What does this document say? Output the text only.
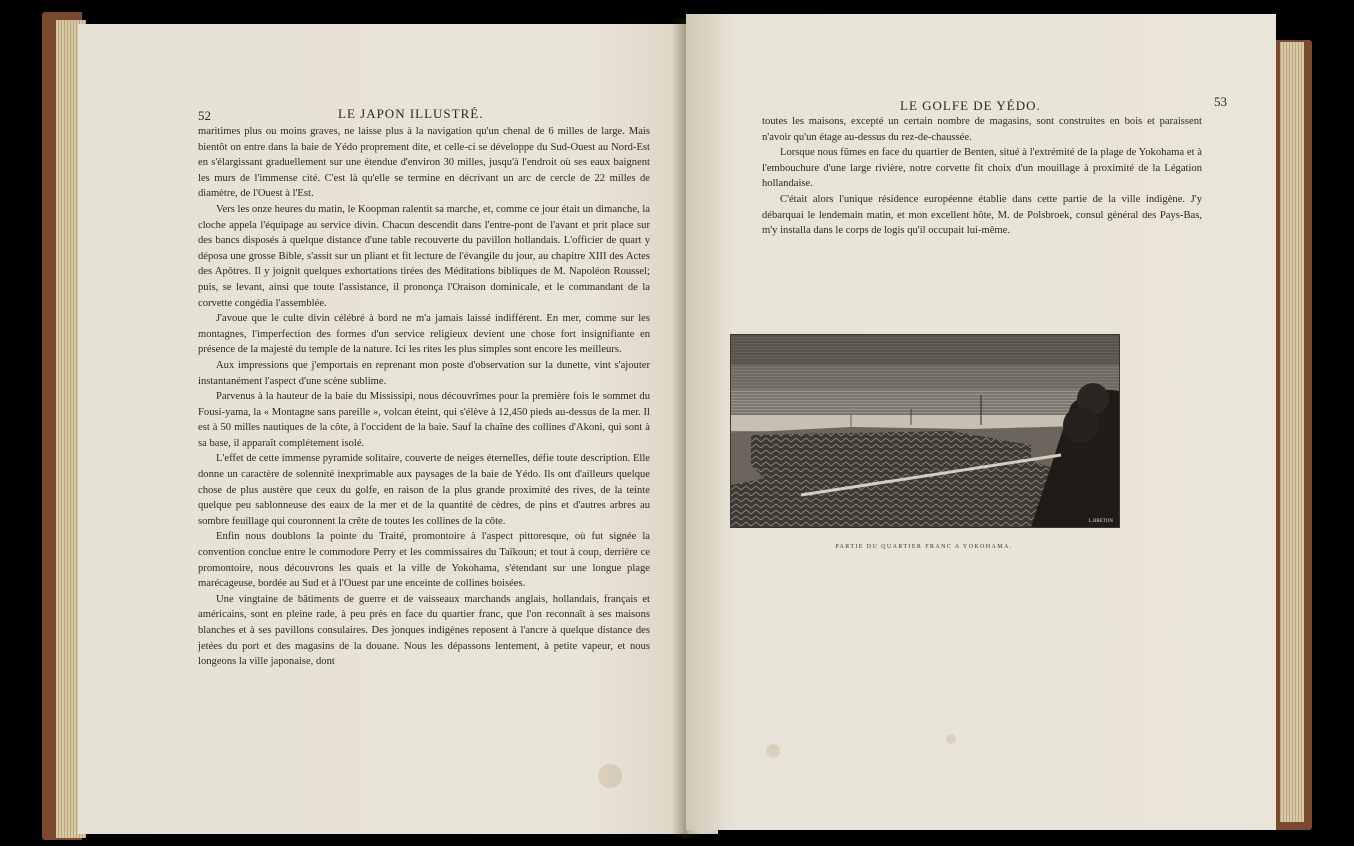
52	LE JAPON ILLUSTRÉ.

maritimes plus ou moins graves, ne laisse plus à la navigation qu'un chenal de 6 milles de large. Mais bientôt on entre dans la baie de Yédo proprement dite, et celle-ci se développe du Sud-Ouest au Nord-Est en s'élargissant graduellement sur une étendue d'environ 30 milles, jusqu'à l'endroit où ses eaux baignent les murs de l'immense cité. C'est là qu'elle se termine en décrivant un arc de cercle de 22 milles de diamètre, de l'Ouest à l'Est.

Vers les onze heures du matin, le Koopman ralentit sa marche, et, comme ce jour était un dimanche, la cloche appela l'équipage au service divin. Chacun descendit dans l'entre-pont de l'avant et prit place sur des bancs disposés à quelque distance d'une table recouverte du pavillon hollandais. L'officier de quart y déposa une grosse Bible, s'assit sur un pliant et fit lecture de l'évangile du jour, au chapitre XIII des Actes des Apôtres. Il y joignit quelques exhortations tirées des Méditations bibliques de M. Napoléon Roussel; puis, se levant, ainsi que toute l'assistance, il prononça l'Oraison dominicale, et le commandant de la corvette congédia l'assemblée.

J'avoue que le culte divin célébré à bord ne m'a jamais laissé indifférent. En mer, comme sur les montagnes, l'imperfection des formes d'un service religieux devient une chose fort insignifiante en présence de la majesté du temple de la nature. Ici les rites les plus simples sont encore les meilleurs.

Aux impressions que j'emportais en reprenant mon poste d'observation sur la dunette, vint s'ajouter instantanément l'aspect d'une scène sublime.

Parvenus à la hauteur de la baie du Mississipi, nous découvrîmes pour la première fois le sommet du Fousi-yama, la « Montagne sans pareille », volcan éteint, qui s'élève à 12,450 pieds au-dessus de la mer. Il est à 50 milles nautiques de la côte, à l'occident de la baie. Sauf la chaîne des collines d'Akoni, qui sont à sa base, il apparaît complétement isolé.

L'effet de cette immense pyramide solitaire, couverte de neiges éternelles, défie toute description. Elle donne un caractère de solennité inexprimable aux paysages de la baie de Yédo. Ils ont d'ailleurs quelque chose de plus austère que ceux du golfe, en raison de la plus grande proximité des rives, de la teinte quelque peu sablonneuse des eaux de la mer et de la quantité de cèdres, de pins et d'autres arbres au sombre feuillage qui couronnent la crête de toutes les collines de la côte.

Enfin nous doublons la pointe du Traité, promontoire à l'aspect pittoresque, où fut signée la convention conclue entre le commodore Perry et les commissaires du Taïkoun; et tout à coup, derrière ce promontoire, nous découvrons les quais et la ville de Yokohama, s'étendant sur une longue plage marécageuse, bordée au Sud et à l'Ouest par une enceinte de collines boisées.

Une vingtaine de bâtiments de guerre et de vaisseaux marchands anglais, hollandais, français et américains, sont en pleine rade, à peu près en face du quartier franc, que l'on reconnaît à ses maisons blanches et à ses pavillons consulaires. Des jonques indigènes reposent à l'ancre à quelque distance des jetées du port et des magasins de la douane. Nous les dépassons lentement, à petite vapeur, et nous longeons la ville japonaise, dont

LE GOLFE DE YÉDO.	53

toutes les maisons, excepté un certain nombre de magasins, sont construites en bois et paraissent n'avoir qu'un étage au-dessus du rez-de-chaussée.

Lorsque nous fûmes en face du quartier de Benten, situé à l'extrémité de la plage de Yokohama et à l'embouchure d'une large rivière, notre corvette fit choix d'un mouillage à proximité de la Légation hollandaise.

C'était alors l'unique résidence européenne établie dans cette partie de la ville indigène. J'y débarquai le lendemain matin, et mon excellent hôte, M. de Polsbroek, consul général des Pays-Bas, m'y installa dans le corps de logis qu'il occupait lui-même.

L.BRETON
PARTIE DU QUARTIER FRANC A YOKOHAMA.
